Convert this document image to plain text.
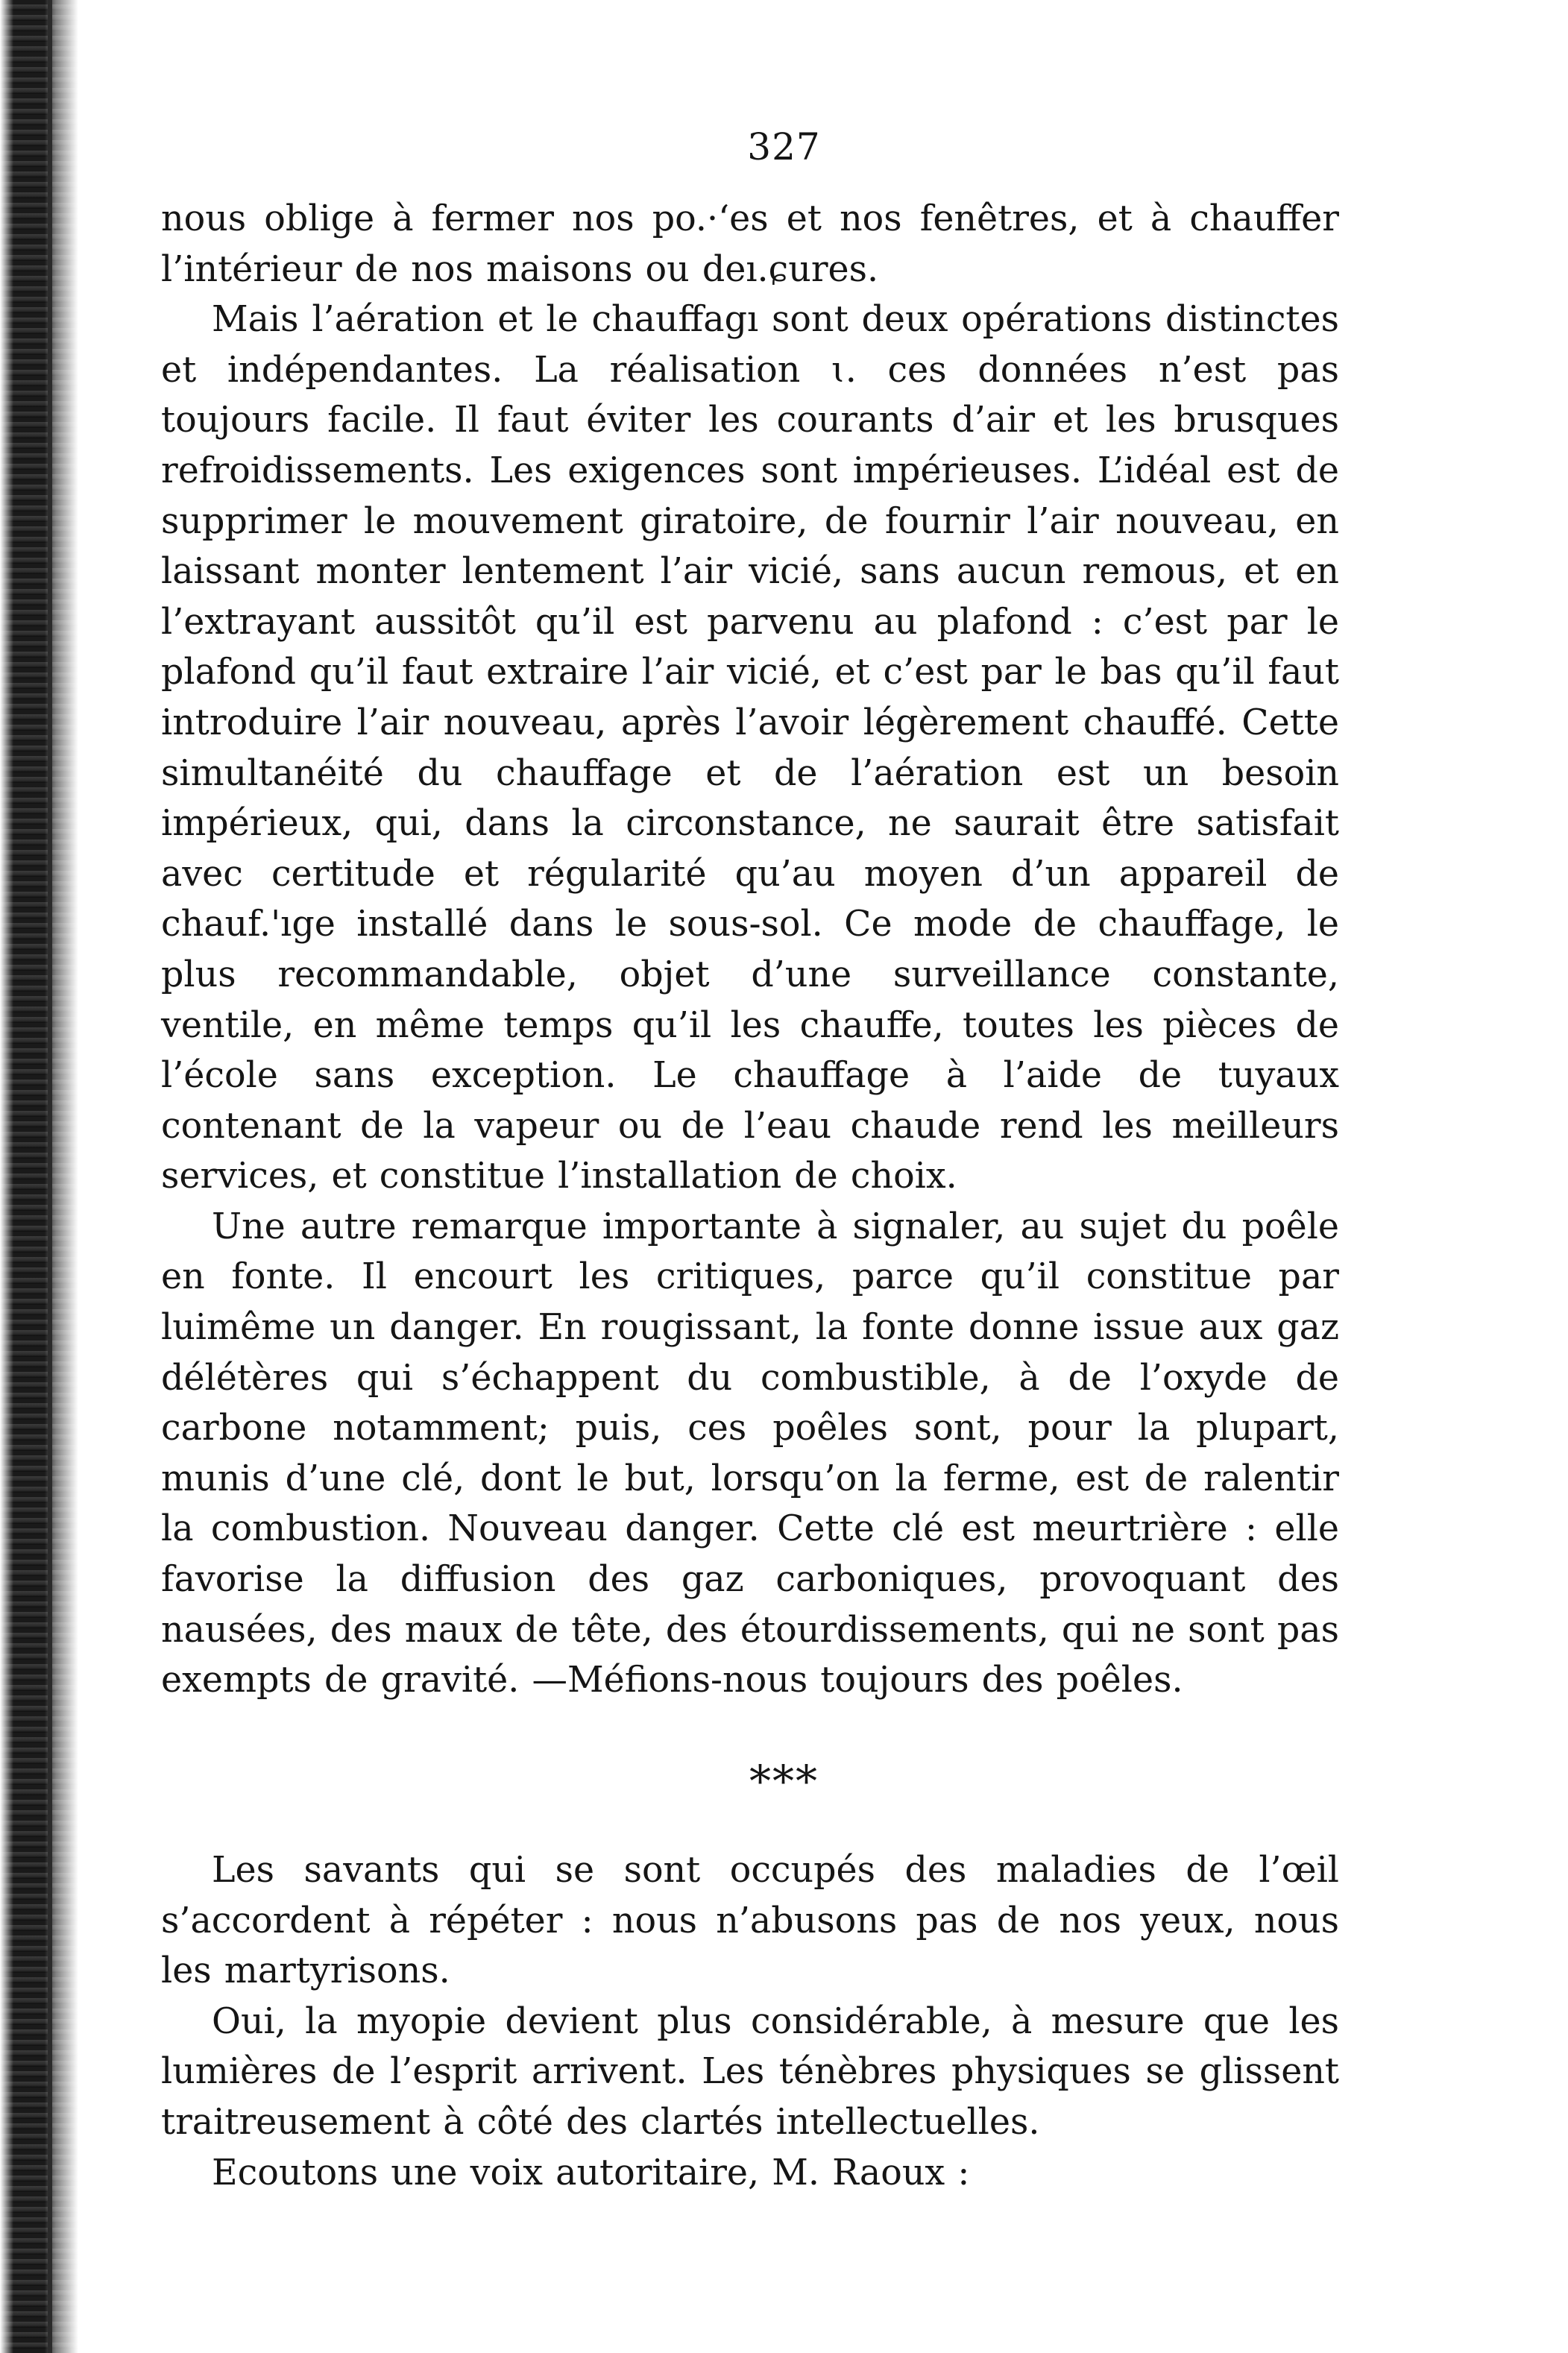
327

nous oblige à fermer nos po.·ʻes et nos fenêtres, et à chauffer l’intérieur de nos maisons ou deı.ɕures.

Mais l’aération et le chauffagı sont deux opérations distinctes et indépendantes. La réalisation ɩ. ces données n’est pas toujours facile. Il faut éviter les courants d’air et les brusques refroidissements. Les exigences sont impérieuses. L’idéal est de supprimer le mouvement giratoire, de fournir l’air nouveau, en laissant monter lentement l’air vicié, sans aucun remous, et en l’extrayant aussitôt qu’il est parvenu au plafond : c’est par le plafond qu’il faut extraire l’air vicié, et c’est par le bas qu’il faut introduire l’air nouveau, après l’avoir légèrement chauffé. Cette simultanéité du chauffage et de l’aération est un besoin impérieux, qui, dans la circonstance, ne saurait être satisfait avec certitude et régularité qu’au moyen d’un appareil de chauf.'ıge installé dans le sous-sol. Ce mode de chauffage, le plus recommandable, objet d’une surveillance constante, ventile, en même temps qu’il les chauffe, toutes les pièces de l’école sans exception. Le chauffage à l’aide de tuyaux contenant de la vapeur ou de l’eau chaude rend les meilleurs services, et constitue l’installation de choix.

Une autre remarque importante à signaler, au sujet du poêle en fonte. Il encourt les critiques, parce qu’il constitue par luimême un danger. En rougissant, la fonte donne issue aux gaz délétères qui s’échappent du combustible, à de l’oxyde de carbone notamment; puis, ces poêles sont, pour la plupart, munis d’une clé, dont le but, lorsqu’on la ferme, est de ralentir la combustion. Nouveau danger. Cette clé est meurtrière : elle favorise la diffusion des gaz carboniques, provoquant des nausées, des maux de tête, des étourdissements, qui ne sont pas exempts de gravité. —Méfions-nous toujours des poêles.

***

Les savants qui se sont occupés des maladies de l’œil s’accordent à répéter : nous n’abusons pas de nos yeux, nous les martyrisons.

Oui, la myopie devient plus considérable, à mesure que les lumières de l’esprit arrivent. Les ténèbres physiques se glissent traitreusement à côté des clartés intellectuelles.

Ecoutons une voix autoritaire, M. Raoux :
